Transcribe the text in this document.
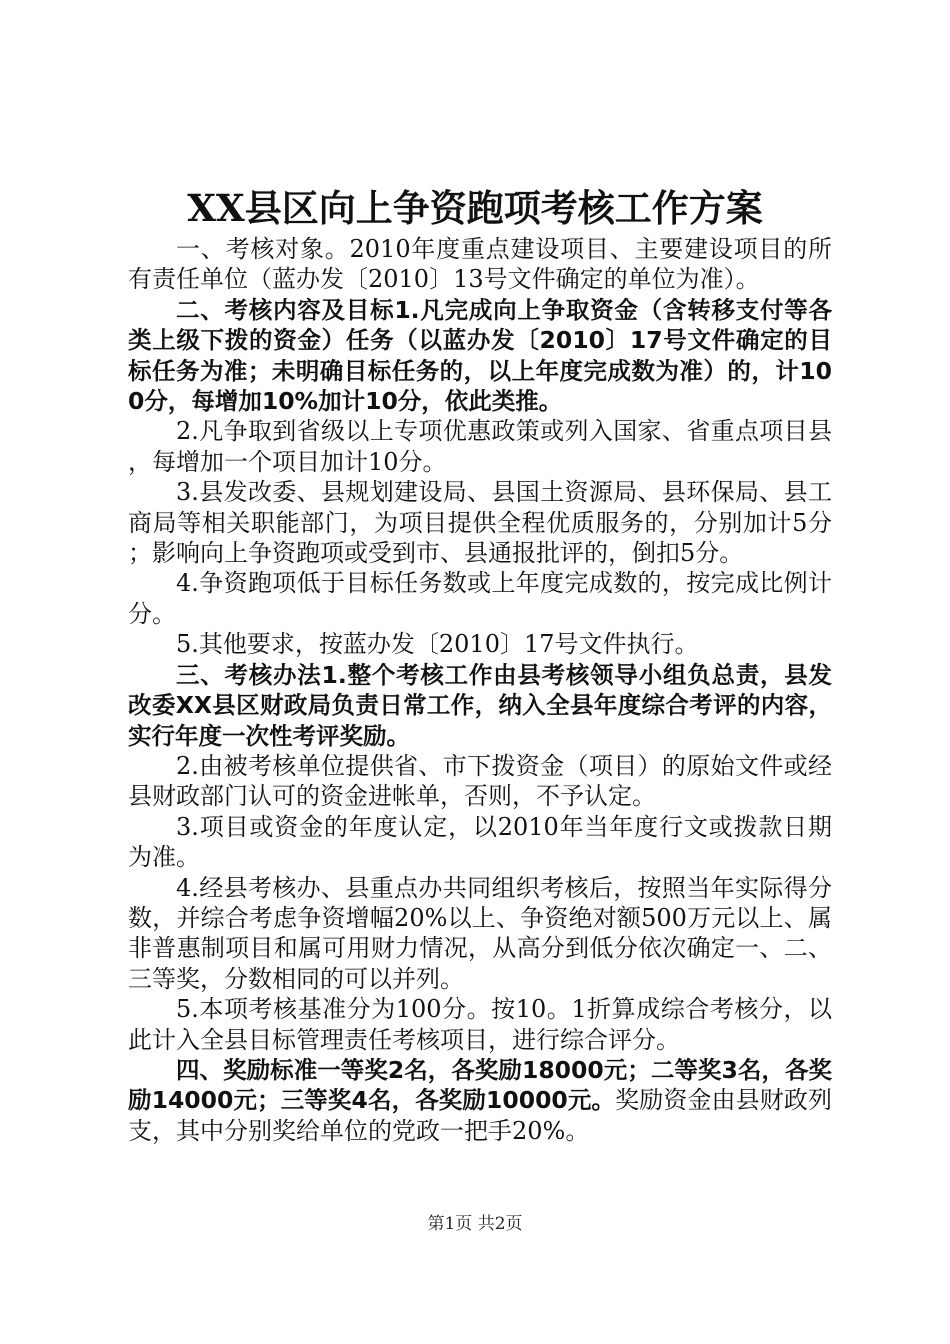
XX县区向上争资跑项考核工作方案

一、考核对象。2010年度重点建设项目、主要建设项目的所有责任单位（蓝办发〔2010〕13号文件确定的单位为准）。

二、考核内容及目标1.凡完成向上争取资金（含转移支付等各类上级下拨的资金）任务（以蓝办发〔2010〕17号文件确定的目标任务为准；未明确目标任务的，以上年度完成数为准）的，计100分，每增加10%加计10分，依此类推。

2.凡争取到省级以上专项优惠政策或列入国家、省重点项目县，每增加一个项目加计10分。

3.县发改委、县规划建设局、县国土资源局、县环保局、县工商局等相关职能部门，为项目提供全程优质服务的，分别加计5分；影响向上争资跑项或受到市、县通报批评的，倒扣5分。

4.争资跑项低于目标任务数或上年度完成数的，按完成比例计分。

5.其他要求，按蓝办发〔2010〕17号文件执行。

三、考核办法1.整个考核工作由县考核领导小组负总责，县发改委XX县区财政局负责日常工作，纳入全县年度综合考评的内容，实行年度一次性考评奖励。

2.由被考核单位提供省、市下拨资金（项目）的原始文件或经县财政部门认可的资金进帐单，否则，不予认定。

3.项目或资金的年度认定，以2010年当年度行文或拨款日期为准。

4.经县考核办、县重点办共同组织考核后，按照当年实际得分数，并综合考虑争资增幅20%以上、争资绝对额500万元以上、属非普惠制项目和属可用财力情况，从高分到低分依次确定一、二、三等奖，分数相同的可以并列。

5.本项考核基准分为100分。按10。1折算成综合考核分，以此计入全县目标管理责任考核项目，进行综合评分。

四、奖励标准一等奖2名，各奖励18000元；二等奖3名，各奖励14000元；三等奖4名，各奖励10000元。奖励资金由县财政列支，其中分别奖给单位的党政一把手20%。

第1页 共2页
